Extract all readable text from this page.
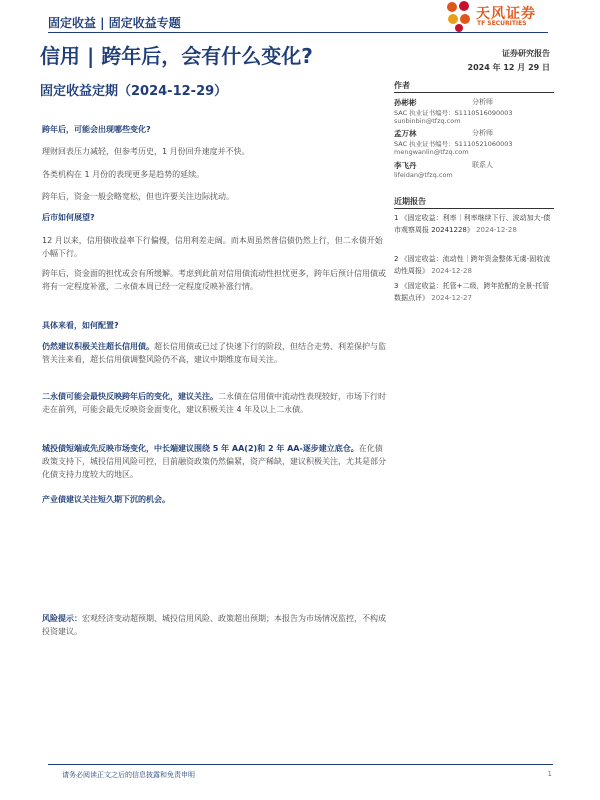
固定收益 | 固定收益专题
天风证券
TF SECURITIES
信用 | 跨年后，会有什么变化?
固定收益定期（2024-12-29）
证券研究报告
2024 年 12 月 29 日
作者
孙彬彬	分析师
SAC 执业证书编号：S1110516090003
sunbinbin@tfzq.com
孟万林	分析师
SAC 执业证书编号：S1110521060003
mengwanlin@tfzq.com
李飞丹	联系人
lifeidan@tfzq.com
近期报告
1 《固定收益：利率｜利率继续下行、波动加大-债市观察周报 20241228》 2024-12-28
2 《固定收益：流动性｜跨年资金整体无虞-固收流动性周报》 2024-12-28
3 《固定收益：托管+二级，跨年抢配的全景-托管数据点评》 2024-12-27
跨年后，可能会出现哪些变化?
理财回表压力减轻，但参考历史，1 月份回升速度并不快。
各类机构在 1 月份的表现更多是趋势的延续。
跨年后，资金一般会略宽松，但也许要关注边际扰动。
后市如何展望?
12 月以来，信用债收益率下行偏慢，信用利差走阔。而本周虽然普信债仍然上行，但二永债开始小幅下行。
跨年后，资金面的担忧或会有所缓解。考虑到此前对信用债流动性担忧更多，跨年后预计信用债或将有一定程度补涨，二永债本周已经一定程度反映补涨行情。
具体来看，如何配置?
仍然建议积极关注超长信用债。超长信用债或已过了快速下行的阶段，但结合走势、利差保护与监管关注来看，超长信用债调整风险仍不高，建议中期维度布局关注。
二永债可能会最快反映跨年后的变化，建议关注。二永债在信用债中流动性表现较好，市场下行时走在前列，可能会最先反映资金面变化，建议积极关注 4 年及以上二永债。
城投债短端或先反映市场变化，中长端建议围绕 5 年 AA(2)和 2 年 AA-逐步建立底仓。在化债政策支持下，城投信用风险可控，目前融资政策仍然偏紧，资产稀缺，建议积极关注，尤其是部分化债支持力度较大的地区。
产业债建议关注短久期下沉的机会。
风险提示：宏观经济变动超预期、城投信用风险、政策超出预期；本报告为市场情况监控，不构成投资建议。
请务必阅读正文之后的信息披露和免责申明	1
